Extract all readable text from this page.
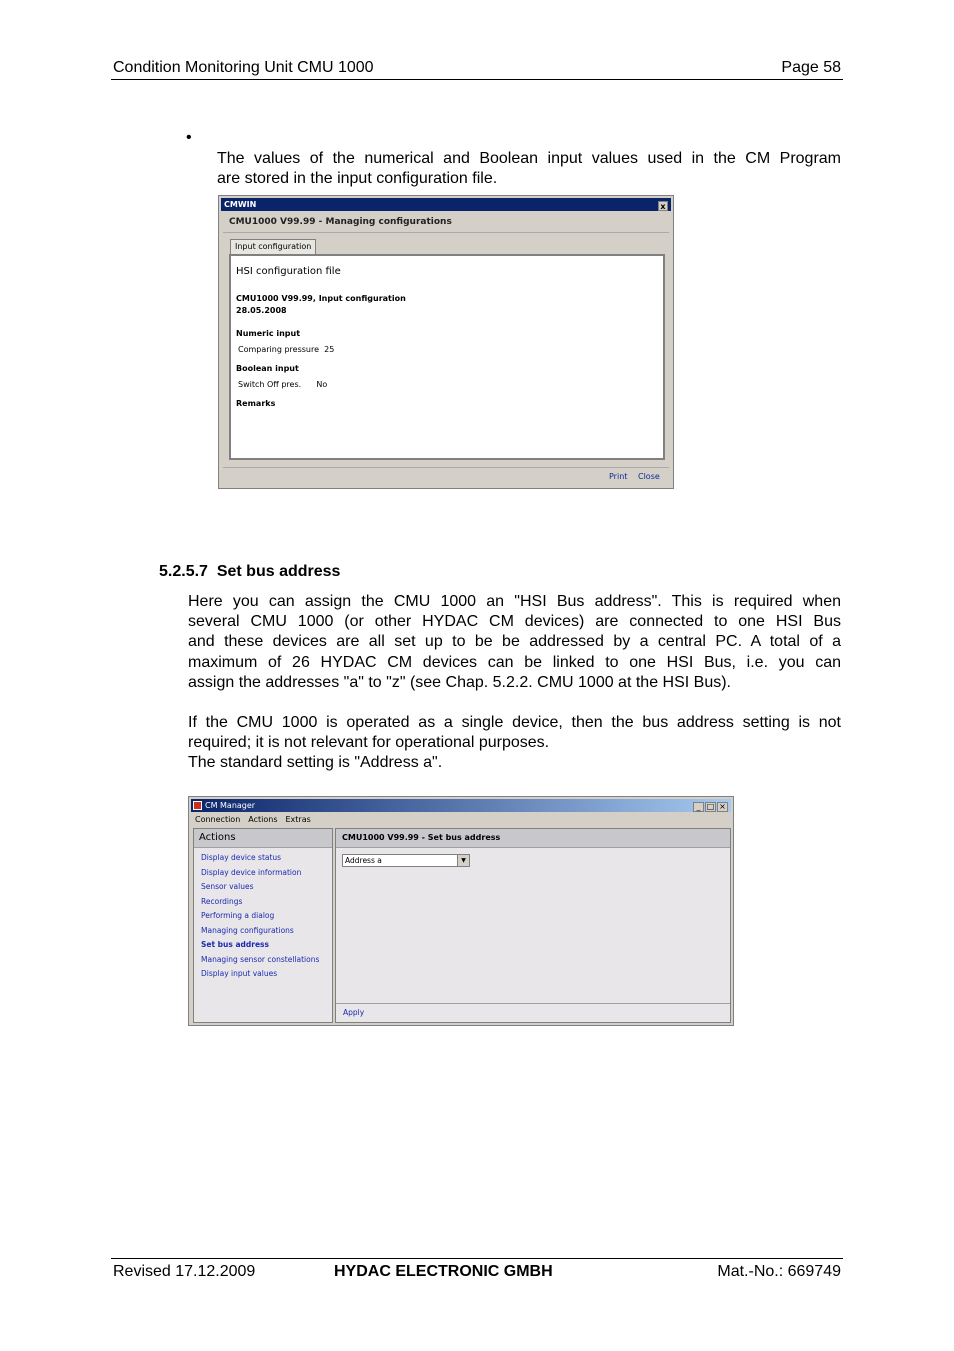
Condition Monitoring Unit CMU 1000	Page 58
•
The values of the numerical and Boolean input values used in the CM Program
are stored in the input configuration file.
CMWIN	x
CMU1000 V99.99 - Managing configurations
Input configuration
HSI configuration file
CMU1000 V99.99, Input configuration
28.05.2008
Numeric input
Comparing pressure  25
Boolean input
Switch Off pres.      No
Remarks
Print Close
5.2.5.7 Set bus address
Here you can assign the CMU 1000 an "HSI Bus address". This is required when
several CMU 1000 (or other HYDAC CM devices) are connected to one HSI Bus
and these devices are all set up to be be addressed by a central PC. A total of a
maximum of 26 HYDAC CM devices can be linked to one HSI Bus, i.e. you can
assign the addresses "a" to "z" (see Chap. 5.2.2. CMU 1000 at the HSI Bus).
If the CMU 1000 is operated as a single device, then the bus address setting is not
required; it is not relevant for operational purposes.
The standard setting is "Address a".
CM Manager	_ □ ×
Connection Actions Extras
Actions
Display device status
Display device information
Sensor values
Recordings
Performing a dialog
Managing configurations
Set bus address
Managing sensor constellations
Display input values
CMU1000 V99.99 - Set bus address
Address a	▼
Apply
Revised 17.12.2009	HYDAC ELECTRONIC GMBH	Mat.-No.: 669749
